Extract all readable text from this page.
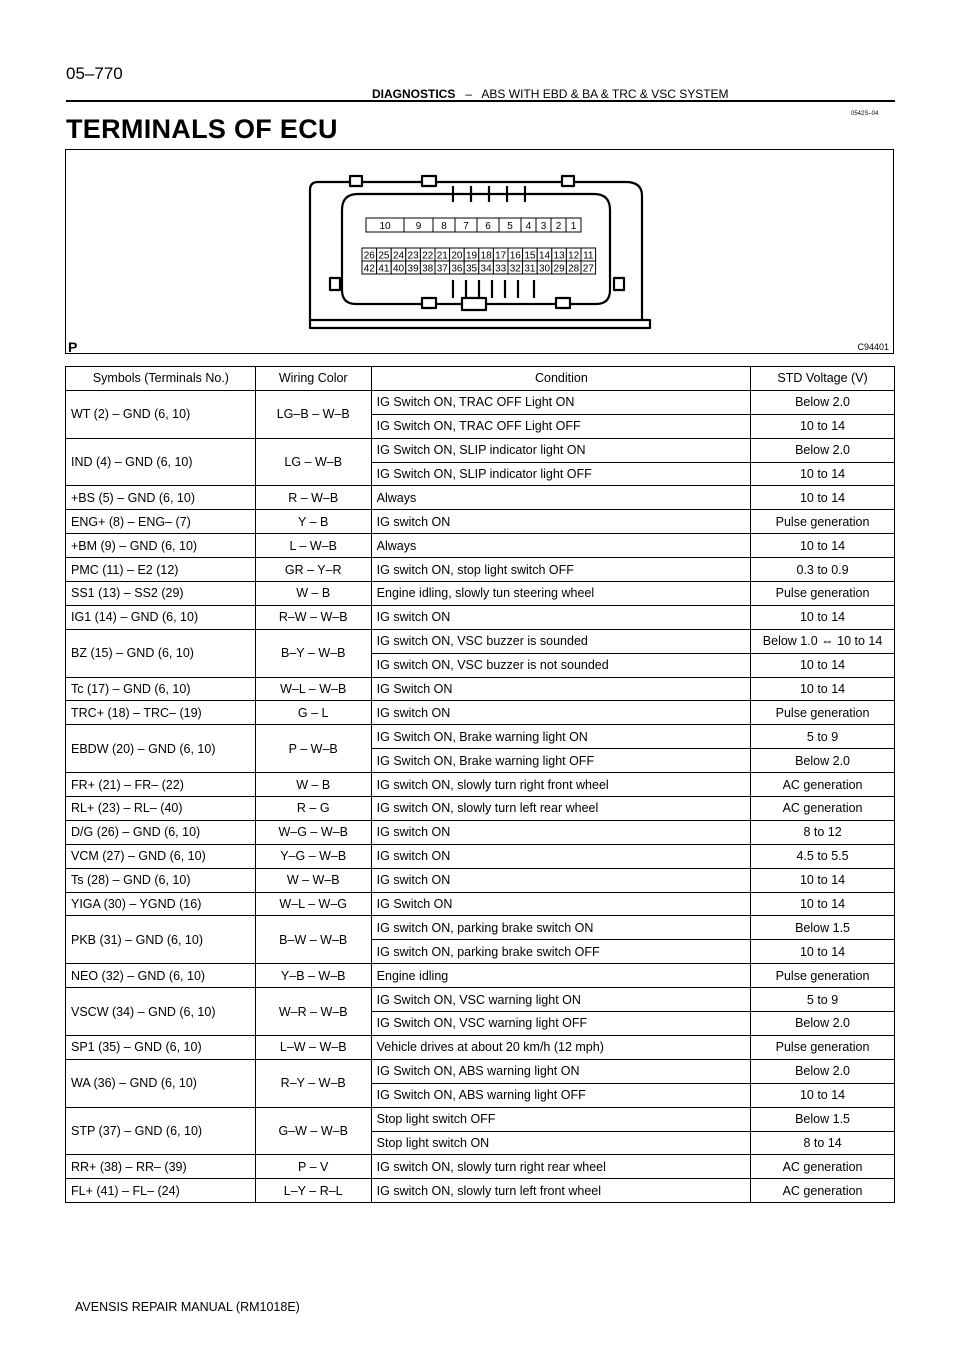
05–770
DIAGNOSTICS – ABS WITH EBD & BA & TRC & VSC SYSTEM
0542S–04
TERMINALS OF ECU
10	9 8 7 6 5 4 3 2 1
26 25 24 23 22 21 20 19 18 17 16 15 14 13 12 11
42 41 40 39 38 37 36 35 34 33 32 31 30 29 28 27
P	C94401
Symbols (Terminals No.)	Wiring Color	Condition	STD Voltage (V)
WT (2) – GND (6, 10)	LG–B – W–B	IG Switch ON, TRAC OFF Light ON	Below 2.0
		IG Switch ON, TRAC OFF Light OFF	10 to 14
IND (4) – GND (6, 10)	LG – W–B	IG Switch ON, SLIP indicator light ON	Below 2.0
		IG Switch ON, SLIP indicator light OFF	10 to 14
+BS (5) – GND (6, 10)	R – W–B	Always	10 to 14
ENG+ (8) – ENG– (7)	Y – B	IG switch ON	Pulse generation
+BM (9) – GND (6, 10)	L – W–B	Always	10 to 14
PMC (11) – E2 (12)	GR – Y–R	IG switch ON, stop light switch OFF	0.3 to 0.9
SS1 (13) – SS2 (29)	W – B	Engine idling, slowly tun steering wheel	Pulse generation
IG1 (14) – GND (6, 10)	R–W – W–B	IG switch ON	10 to 14
BZ (15) – GND (6, 10)	B–Y – W–B	IG switch ON, VSC buzzer is sounded	Below 1.0 ⇔ 10 to 14
		IG switch ON, VSC buzzer is not sounded	10 to 14
Tc (17) – GND (6, 10)	W–L – W–B	IG Switch ON	10 to 14
TRC+ (18) – TRC– (19)	G – L	IG switch ON	Pulse generation
EBDW (20) – GND (6, 10)	P – W–B	IG Switch ON, Brake warning light ON	5 to 9
		IG Switch ON, Brake warning light OFF	Below 2.0
FR+ (21) – FR– (22)	W – B	IG switch ON, slowly turn right front wheel	AC generation
RL+ (23) – RL– (40)	R – G	IG switch ON, slowly turn left rear wheel	AC generation
D/G (26) – GND (6, 10)	W–G – W–B	IG switch ON	8 to 12
VCM (27) – GND (6, 10)	Y–G – W–B	IG switch ON	4.5 to 5.5
Ts (28) – GND (6, 10)	W – W–B	IG switch ON	10 to 14
YIGA (30) – YGND (16)	W–L – W–G	IG Switch ON	10 to 14
PKB (31) – GND (6, 10)	B–W – W–B	IG switch ON, parking brake switch ON	Below 1.5
		IG switch ON, parking brake switch OFF	10 to 14
NEO (32) – GND (6, 10)	Y–B – W–B	Engine idling	Pulse generation
VSCW (34) – GND (6, 10)	W–R – W–B	IG Switch ON, VSC warning light ON	5 to 9
		IG Switch ON, VSC warning light OFF	Below 2.0
SP1 (35) – GND (6, 10)	L–W – W–B	Vehicle drives at about 20 km/h (12 mph)	Pulse generation
WA (36) – GND (6, 10)	R–Y – W–B	IG Switch ON, ABS warning light ON	Below 2.0
		IG Switch ON, ABS warning light OFF	10 to 14
STP (37) – GND (6, 10)	G–W – W–B	Stop light switch OFF	Below 1.5
		Stop light switch ON	8 to 14
RR+ (38) – RR– (39)	P – V	IG switch ON, slowly turn right rear wheel	AC generation
FL+ (41) – FL– (24)	L–Y – R–L	IG switch ON, slowly turn left front wheel	AC generation
AVENSIS REPAIR MANUAL (RM1018E)
